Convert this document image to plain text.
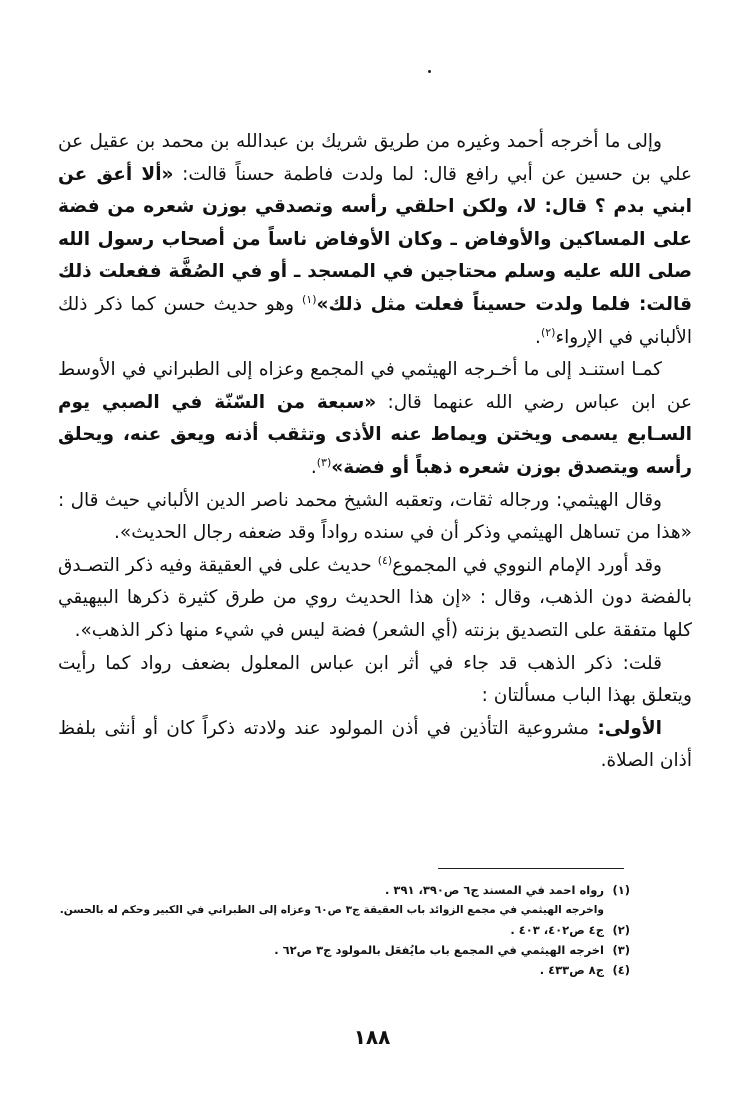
وإلى ما أخرجه أحمد وغيره من طريق شريك بن عبدالله بن محمد بن عقيل عن علي بن حسين عن أبي رافع قال: لما ولدت فاطمة حسناً قالت: «ألا أعق عن ابني بدم ؟ قال: لا، ولكن احلقي رأسه وتصدقي بوزن شعره من فضة على المساكين والأوفاض ـ وكان الأوفاض ناساً من أصحاب رسول الله صلى الله عليه وسلم محتاجين في المسجد ـ أو في الصُفَّة ففعلت ذلك قالت: فلما ولدت حسيناً فعلت مثل ذلك»$^{(١)}$ وهو حديث حسن كما ذكر ذلك الألباني في الإرواء$^{(٢)}$.

كمـا استنـد إلى ما أخـرجه الهيثمي في المجمع وعزاه إلى الطبراني في الأوسط عن ابن عباس رضي الله عنهما قال: «سبعة من السّنّة في الصبي يوم السـابع يسمى ويختن ويماط عنه الأذى وتثقب أذنه ويعق عنه، ويحلق رأسه ويتصدق بوزن شعره ذهباً أو فضة»$^{(٣)}$.

وقال الهيثمي: ورجاله ثقات، وتعقبه الشيخ محمد ناصر الدين الألباني حيث قال : «هذا من تساهل الهيثمي وذكر أن في سنده رواداً وقد ضعفه رجال الحديث».

وقد أورد الإمام النووي في المجموع$^{(٤)}$ حديث على في العقيقة وفيه ذكر التصـدق بالفضة دون الذهب، وقال : «إن هذا الحديث روي من طرق كثيرة ذكرها البيهيقي كلها متفقة على التصديق بزنته (أي الشعر) فضة ليس في شيء منها ذكر الذهب».

قلت: ذكر الذهب قد جاء في أثر ابن عباس المعلول بضعف رواد كما رأيت ويتعلق بهذا الباب مسألتان :

الأولى: مشروعية التأذين في أذن المولود عند ولادته ذكراً كان أو أنثى بلفظ أذان الصلاة.

(١)
رواه احمد في المسند ج٦ ص٣٩٠، ٣٩١ .
واخرجه الهيثمي في مجمع الزوائد باب العقيقة ج٣ ص٦٠ وعزاه إلى الطبراني في الكبير وحكم له بالحسن.
(٢)
ج٤ ص٤٠٢، ٤٠٣ .
(٣)
اخرجه الهيثمي في المجمع باب مايُفعَل بالمولود ج٣ ص٦٢ .
(٤)
ج٨ ص٤٣٣ .
١٨٨
